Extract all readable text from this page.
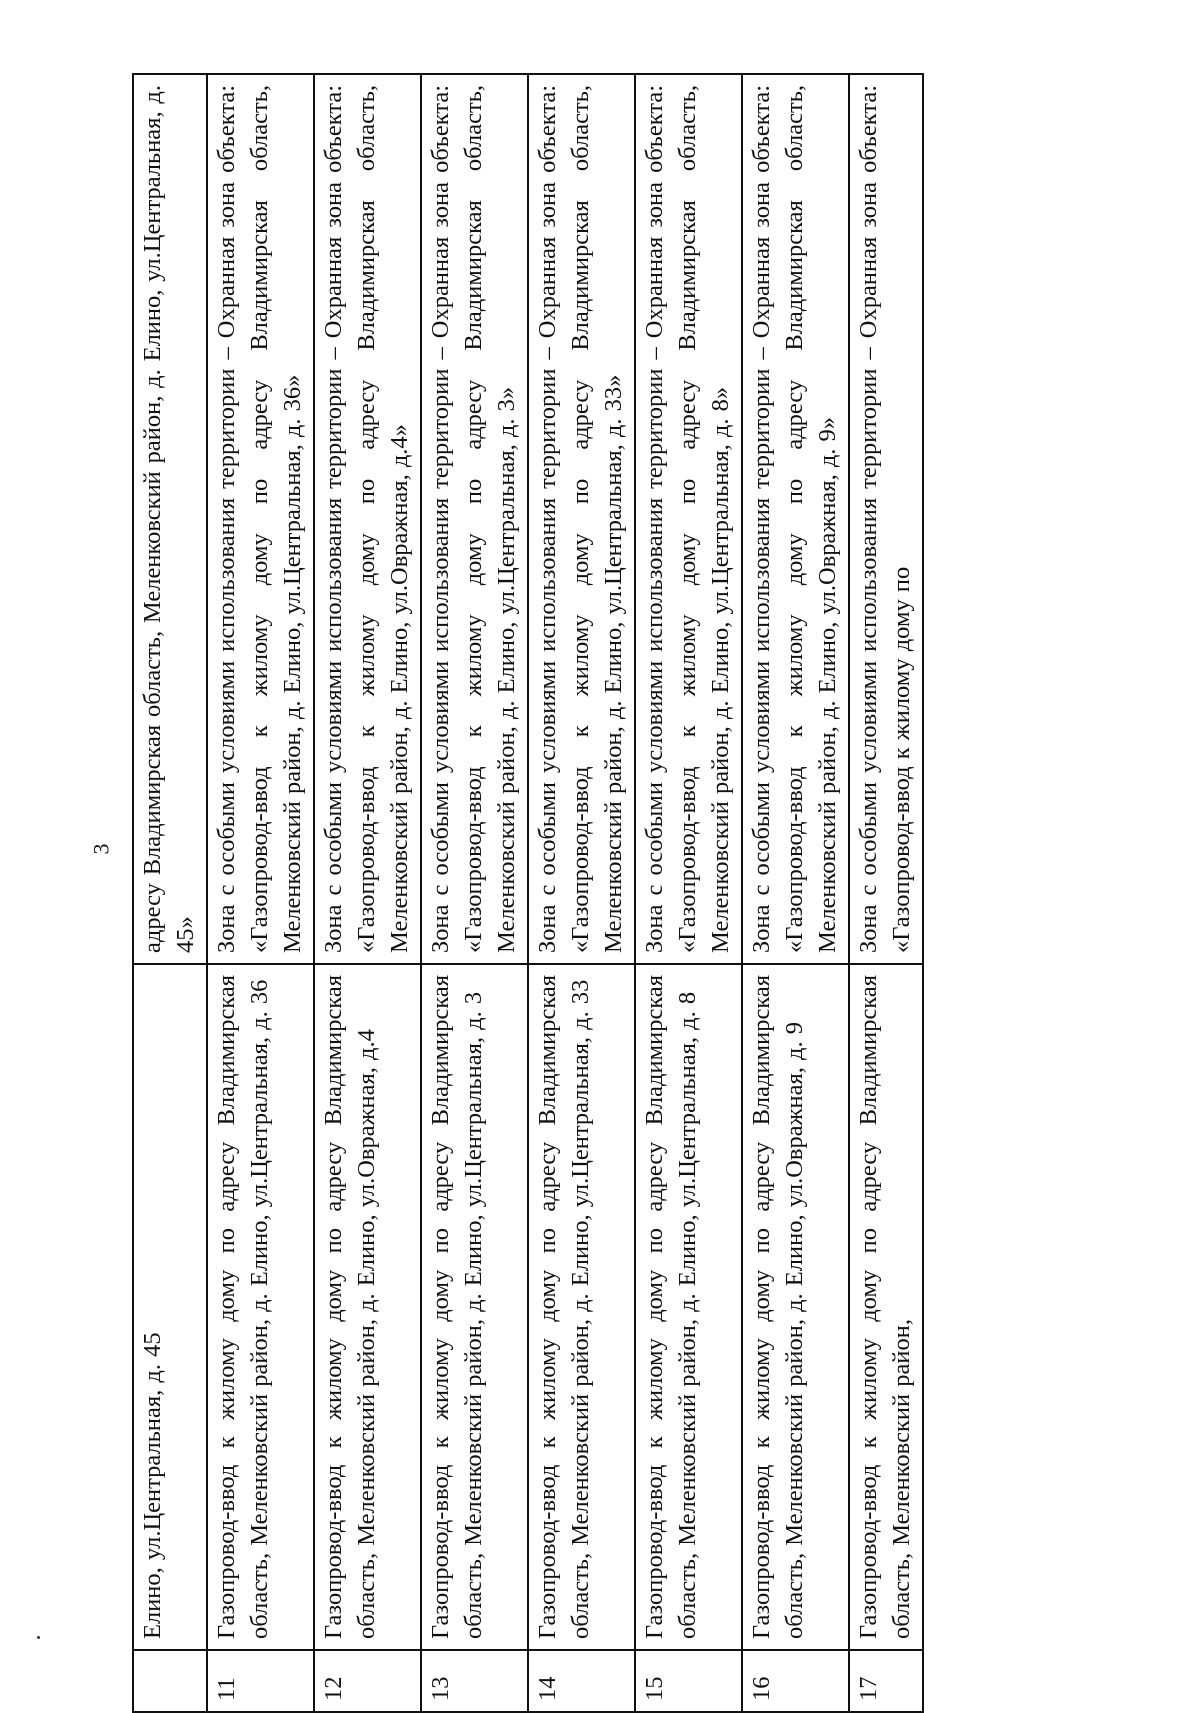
3
	Елино, ул.Центральная, д. 45	адресу Владимирская область, Меленковский район, д. Елино, ул.Центральная, д. 45»
11	Газопровод-ввод к жилому дому по адресу Владимирская область, Меленковский район, д. Елино, ул.Центральная, д. 36	Зона с особыми условиями использования территории – Охранная зона объекта: «Газопровод-ввод к жилому дому по адресу Владимирская область, Меленковский район, д. Елино, ул.Центральная, д. 36»
12	Газопровод-ввод к жилому дому по адресу Владимирская область, Меленковский район, д. Елино, ул.Овражная, д.4	Зона с особыми условиями использования территории – Охранная зона объекта: «Газопровод-ввод к жилому дому по адресу Владимирская область, Меленковский район, д. Елино, ул.Овражная, д.4»
13	Газопровод-ввод к жилому дому по адресу Владимирская область, Меленковский район, д. Елино, ул.Центральная, д. 3	Зона с особыми условиями использования территории – Охранная зона объекта: «Газопровод-ввод к жилому дому по адресу Владимирская область, Меленковский район, д. Елино, ул.Центральная, д. 3»
14	Газопровод-ввод к жилому дому по адресу Владимирская область, Меленковский район, д. Елино, ул.Центральная, д. 33	Зона с особыми условиями использования территории – Охранная зона объекта: «Газопровод-ввод к жилому дому по адресу Владимирская область, Меленковский район, д. Елино, ул.Центральная, д. 33»
15	Газопровод-ввод к жилому дому по адресу Владимирская область, Меленковский район, д. Елино, ул.Центральная, д. 8	Зона с особыми условиями использования территории – Охранная зона объекта: «Газопровод-ввод к жилому дому по адресу Владимирская область, Меленковский район, д. Елино, ул.Центральная, д. 8»
16	Газопровод-ввод к жилому дому по адресу Владимирская область, Меленковский район, д. Елино, ул.Овражная, д. 9	Зона с особыми условиями использования территории – Охранная зона объекта: «Газопровод-ввод к жилому дому по адресу Владимирская область, Меленковский район, д. Елино, ул.Овражная, д. 9»
17	Газопровод-ввод к жилому дому по адресу Владимирская область, Меленковский район,	Зона с особыми условиями использования территории – Охранная зона объекта: «Газопровод-ввод к жилому дому по
